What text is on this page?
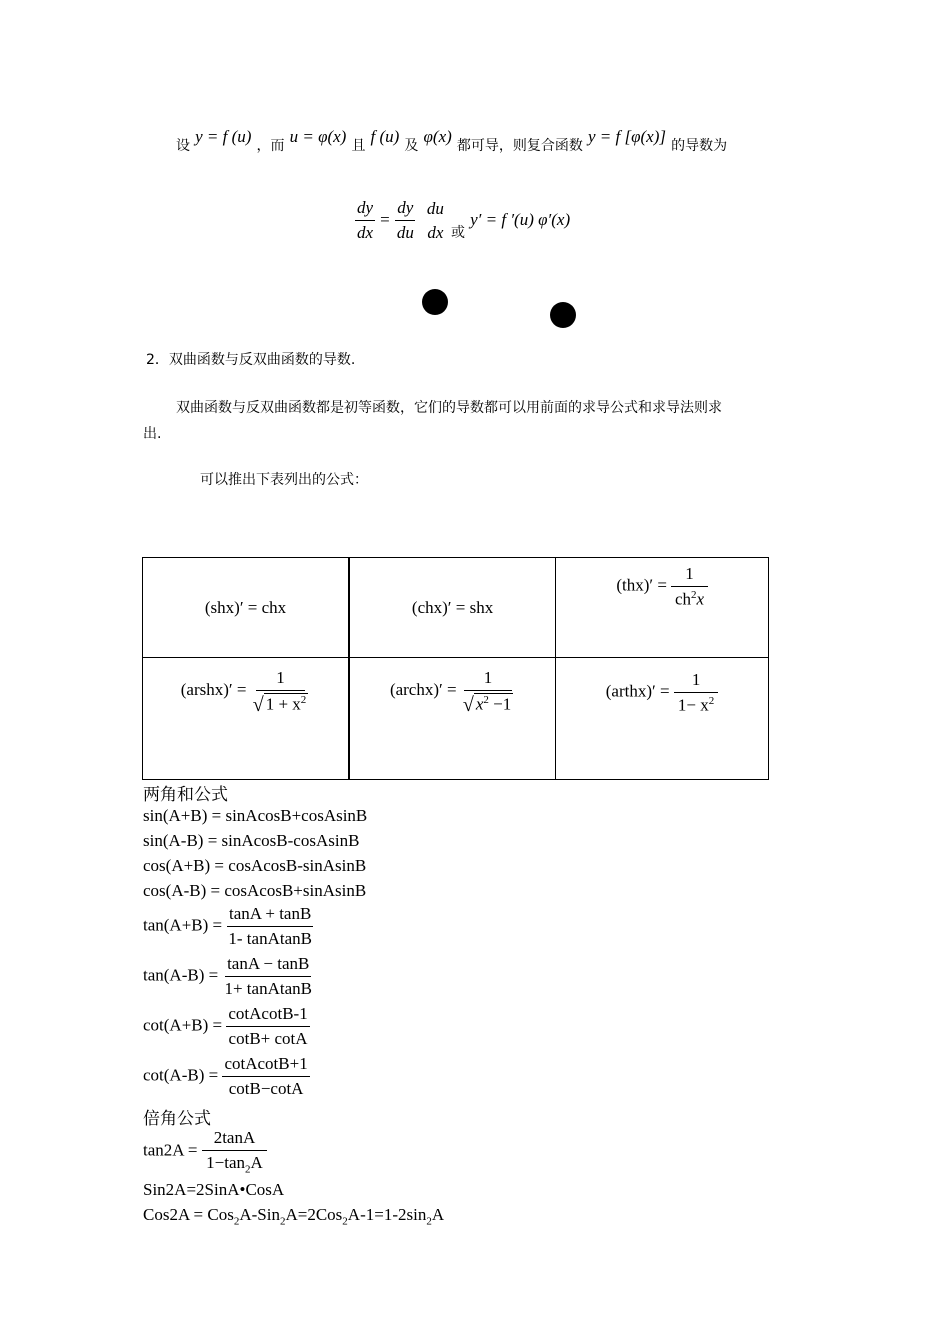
设 y = f (u) ，而 u = φ(x) 且 f (u) 及 φ(x) 都可导，则复合函数 y = f [φ(x)] 的导数为
$\frac{dy}{dx} = \frac{dy}{du}$
du
dx 或 y′ = f ′(u) φ′(x)
2．双曲函数与反双曲函数的导数.
双曲函数与反双曲函数都是初等函数，它们的导数都可以用前面的求导公式和求导法则求
出.
可以推出下表列出的公式：
(shx)′ = chx	(chx)′ = shx	$(thx)' = \frac{1}{ch^2x}$

(arshx)′ = $\frac{1}{√ 1 + x^2}$	(archx)′ = $\frac{1}{√ x^2 -1}$	(arthx)′ = $\frac{1}{1- x^2}$
两角和公式
sin(A+B) = sinAcosB+cosAsinB
sin(A-B) = sinAcosB-cosAsinB
cos(A+B) = cosAcosB-sinAsinB
cos(A-B) = cosAcosB+sinAsinB
$\tan(A+B) = \frac{\tan A + \tan B}{\text{1- tanAtanB}}$
$\tan(A-B) = \frac{\tan A - \tan B}{\text{1+ tanAtanB}}$
$\cot(A+B) = \frac{\text{cotAcotB-1}}{\cot B+ \cot A}$
$\cot(A-B) = \frac{\text{cotAcotB+1}}{\cot B-\cot A}$
倍角公式
$\tan 2A = \frac{2\tan A}{1-\tan_2A}$
Sin2A=2SinA•CosA
$Cos2A = Cos_2A-Sin_2A=2Cos_2A-1=1-2\sin_2A$
